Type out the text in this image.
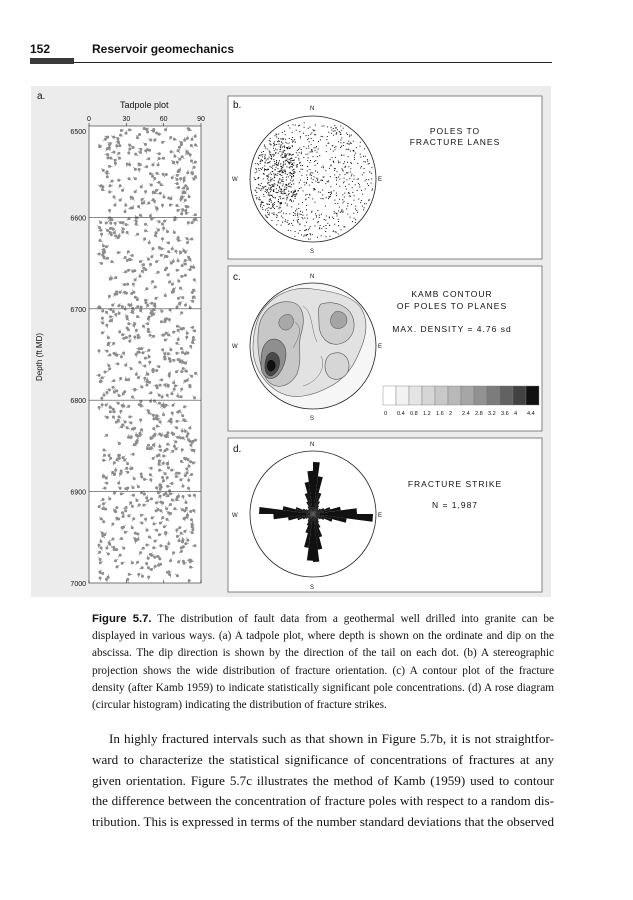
152	Reservoir geomechanics
a.
Tadpole plot
0	30	60	90
6500
6600
6700
6800
6900
7000
Depth (ft MD)
b.	N
S
W	E
POLES TO
FRACTURE LANES
c.	N
S
W	E
KAMB CONTOUR
OF POLES TO PLANES
MAX. DENSITY = 4.76 sd
0 0.4 0.8 1.2 1.6 2 2.4 2.8 3.2 3.6 4 4.4
d.	N
S
W	E
FRACTURE STRIKE
N = 1,987
Figure 5.7. The distribution of fault data from a geothermal well drilled into granite can be displayed in various ways. (a) A tadpole plot, where depth is shown on the ordinate and dip on the abscissa. The dip direction is shown by the direction of the tail on each dot. (b) A stereographic projection shows the wide distribution of fracture orientation. (c) A contour plot of the fracture density (after Kamb 1959) to indicate statistically significant pole concentrations. (d) A rose diagram (circular histogram) indicating the distribution of fracture strikes.
In highly fractured intervals such as that shown in Figure 5.7b, it is not straightfor-
ward to characterize the statistical significance of concentrations of fractures at any
given orientation. Figure 5.7c illustrates the method of Kamb (1959) used to contour
the difference between the concentration of fracture poles with respect to a random dis-
tribution. This is expressed in terms of the number standard deviations that the observed
